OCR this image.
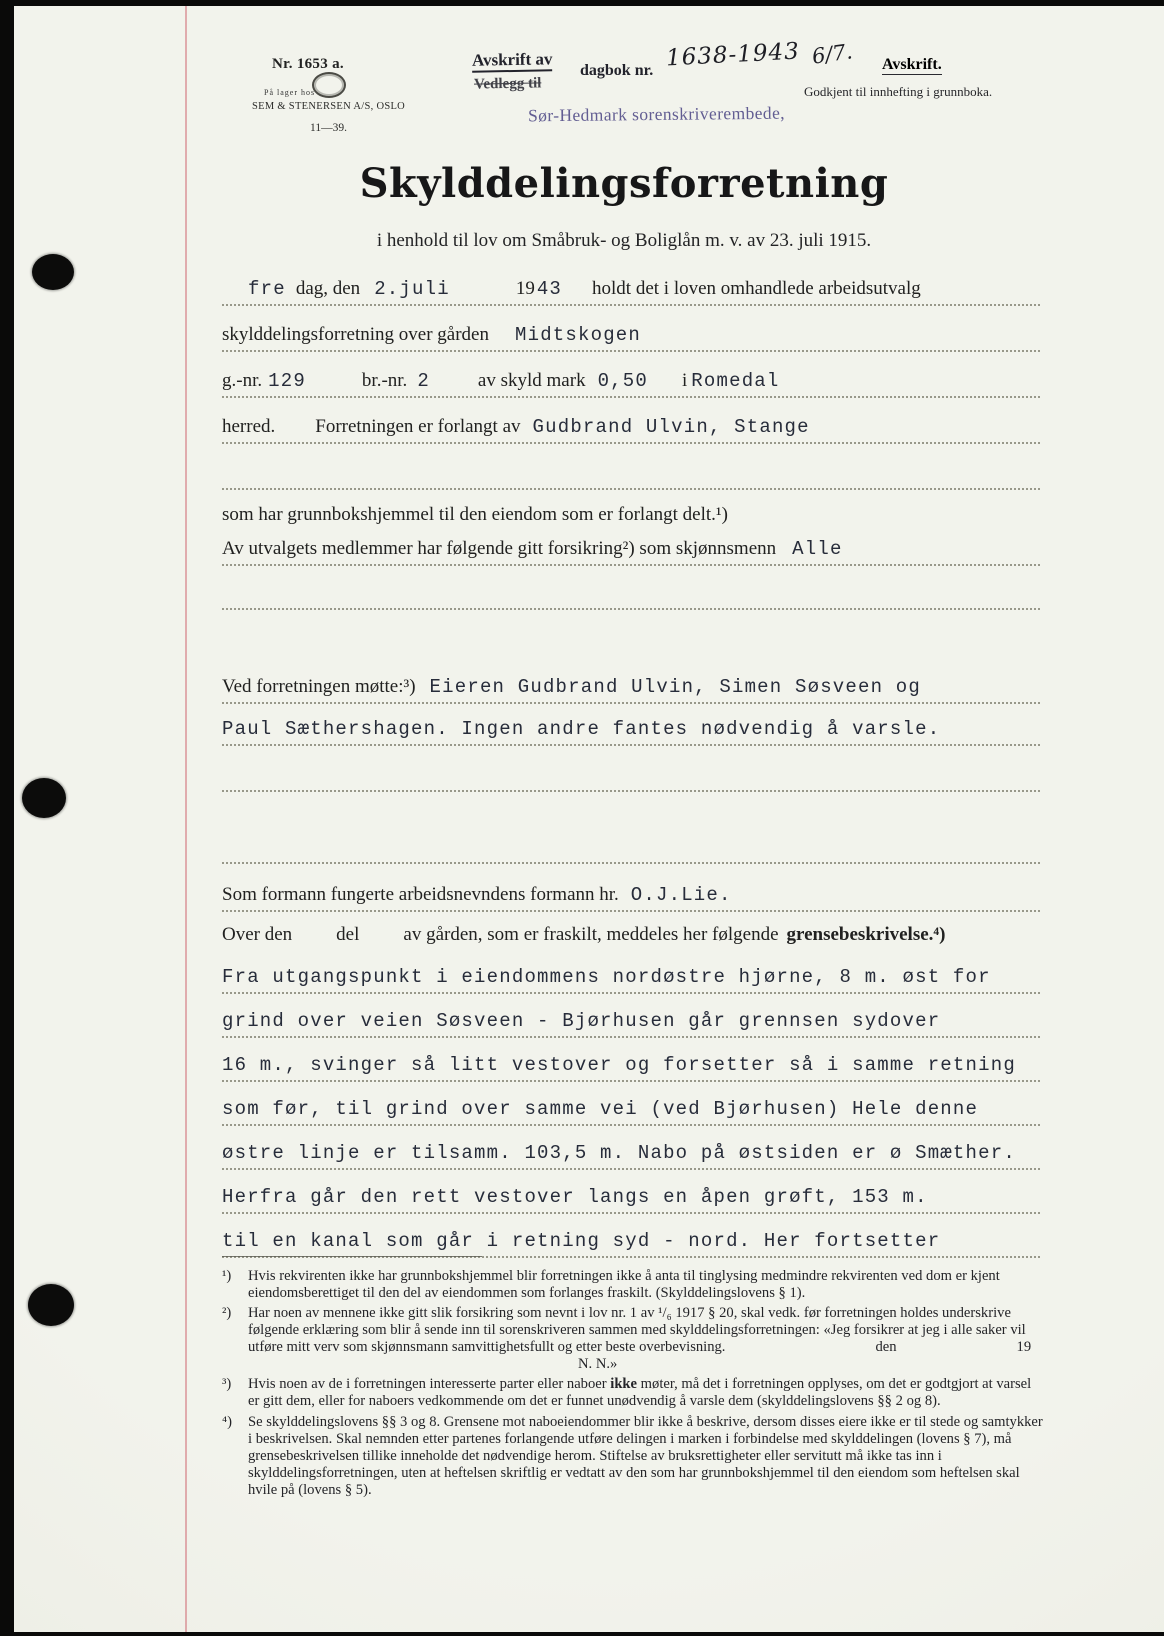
Nr. 1653 a.
På lager hos
SEM & STENERSEN A/S, OSLO
11—39.
Avskrift av
Vedlegg til
dagbok nr. 1638-1943 6/7.
Sør-Hedmark sorenskriverembede,
Avskrift.
Godkjent til innhefting i grunnboka.
Skylddelingsforretning
i henhold til lov om Småbruk- og Boliglån m. v. av 23. juli 1915.
fre dag, den 2.juli	19 43 holdt det i loven omhandlede arbeidsutvalg
skylddelingsforretning over gården Midtskogen
g.-nr. 129	br.-nr. 2	av skyld mark 0,50 i Romedal
herred. Forretningen er forlangt av Gudbrand Ulvin, Stange
som har grunnbokshjemmel til den eiendom som er forlangt delt.¹)
Av utvalgets medlemmer har følgende gitt forsikring²) som skjønnsmenn Alle
Ved forretningen møtte:³) Eieren Gudbrand Ulvin, Simen Søsveen og
Paul Sæthershagen. Ingen andre fantes nødvendig å varsle.
Som formann fungerte arbeidsnevndens formann hr. O.J.Lie.
Over den del av gården, som er fraskilt, meddeles her følgende grensebeskrivelse.⁴)
Fra utgangspunkt i eiendommens nordøstre hjørne, 8 m. øst for
grind over veien Søsveen - Bjørhusen går grennsen sydover
16 m., svinger så litt vestover og forsetter så i samme retning
som før, til grind over samme vei (ved Bjørhusen) Hele denne
østre linje er tilsamm. 103,5 m. Nabo på østsiden er ø Smæther.
Herfra går den rett vestover langs en åpen grøft, 153 m.
til en kanal som går i retning syd - nord. Her fortsetter

¹) Hvis rekvirenten ikke har grunnbokshjemmel blir forretningen ikke å anta til tinglysing medmindre rekvirenten ved dom er kjent eiendomsberettiget til den del av eiendommen som forlanges fraskilt. (Skylddelingslovens § 1).

²) Har noen av mennene ikke gitt slik forsikring som nevnt i lov nr. 1 av ¹/₆ 1917 § 20, skal vedk. før forretningen holdes underskrive følgende erklæring som blir å sende inn til sorenskriveren sammen med skylddelingsforretningen: «Jeg forsikrer at jeg i alle saker vil utføre mitt verv som skjønnsmann samvittighetsfullt og etter beste overbevisning.	den	19
N. N.»

³) Hvis noen av de i forretningen interesserte parter eller naboer ikke møter, må det i forretningen opplyses, om det er godtgjort at varsel er gitt dem, eller for naboers vedkommende om det er funnet unødvendig å varsle dem (skylddelingslovens §§ 2 og 8).

⁴) Se skylddelingslovens §§ 3 og 8. Grensene mot naboeiendommer blir ikke å beskrive, dersom disses eiere ikke er til stede og samtykker i beskrivelsen. Skal nemnden etter partenes forlangende utføre delingen i marken i forbindelse med skylddelingen (lovens § 7), må grensebeskrivelsen tillike inneholde det nødvendige herom. Stiftelse av bruksrettigheter eller servitutt må ikke tas inn i skylddelingsforretningen, uten at heftelsen skriftlig er vedtatt av den som har grunnbokshjemmel til den eiendom som heftelsen skal hvile på (lovens § 5).
